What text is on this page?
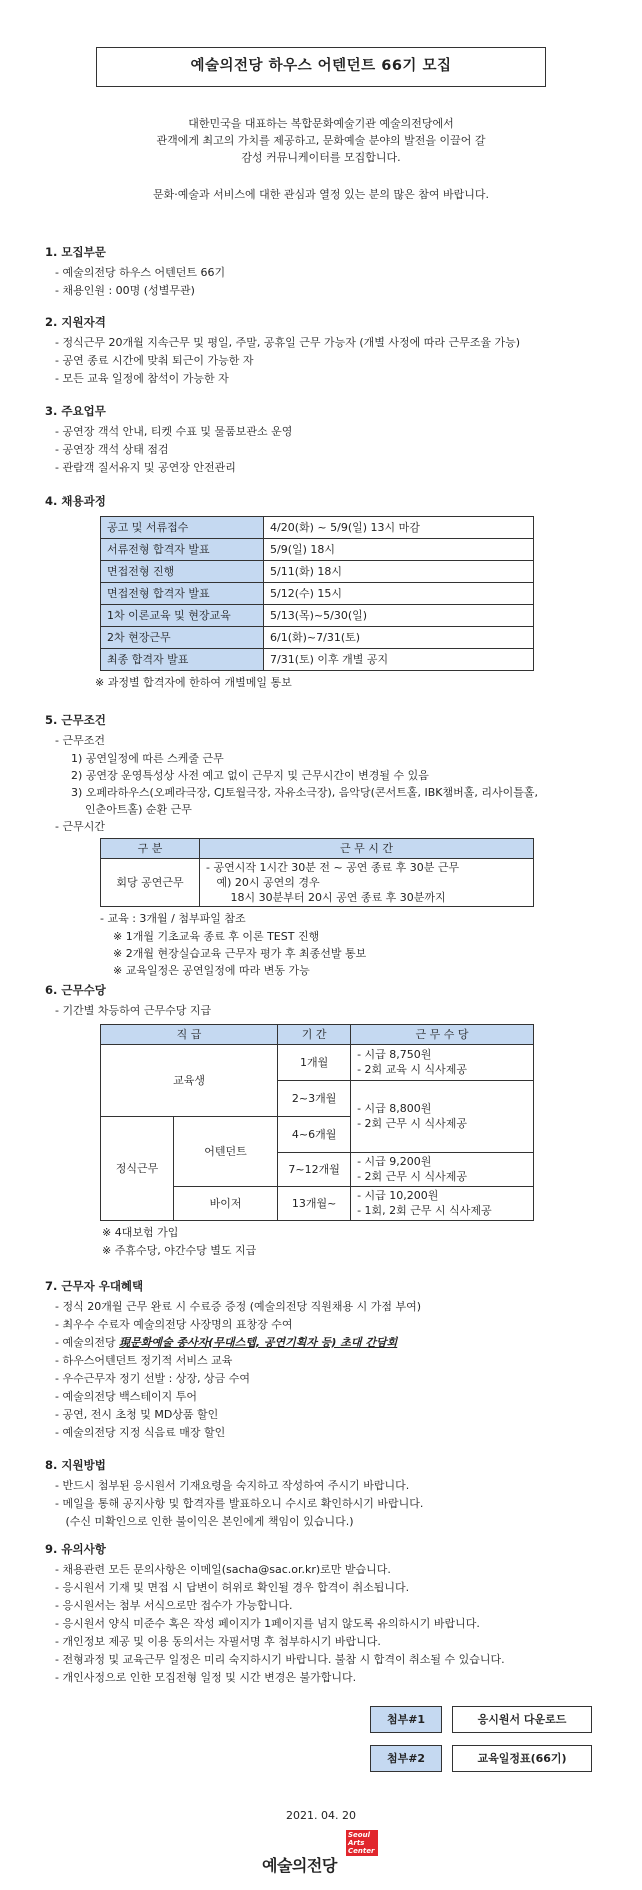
예술의전당 하우스 어텐던트 66기 모집
대한민국을 대표하는 복합문화예술기관 예술의전당에서
관객에게 최고의 가치를 제공하고, 문화예술 분야의 발전을 이끌어 갈
감성 커뮤니케이터를 모집합니다.
문화·예술과 서비스에 대한 관심과 열정 있는 분의 많은 참여 바랍니다.
1. 모집부문
- 예술의전당 하우스 어텐던트 66기
- 채용인원 : 00명 (성별무관)
2. 지원자격
- 정식근무 20개월 지속근무 및 평일, 주말, 공휴일 근무 가능자 (개별 사정에 따라 근무조율 가능)
- 공연 종료 시간에 맞춰 퇴근이 가능한 자
- 모든 교육 일정에 참석이 가능한 자
3. 주요업무
- 공연장 객석 안내, 티켓 수표 및 물품보관소 운영
- 공연장 객석 상태 점검
- 관람객 질서유지 및 공연장 안전관리
4. 채용과정
공고 및 서류접수	4/20(화) ~ 5/9(일) 13시 마감
서류전형 합격자 발표	5/9(일) 18시
면접전형 진행	5/11(화) 18시
면접전형 합격자 발표	5/12(수) 15시
1차 이론교육 및 현장교육	5/13(목)~5/30(일)
2차 현장근무	6/1(화)~7/31(토)
최종 합격자 발표	7/31(토) 이후 개별 공지
※ 과정별 합격자에 한하여 개별메일 통보
5. 근무조건
- 근무조건
1) 공연일정에 따른 스케줄 근무
2) 공연장 운영특성상 사전 예고 없이 근무지 및 근무시간이 변경될 수 있음
3) 오페라하우스(오페라극장, CJ토월극장, 자유소극장), 음악당(콘서트홀, IBK챔버홀, 리사이틀홀,
인춘아트홀) 순환 근무
- 근무시간
구 분	근 무 시 간
회당 공연근무	- 공연시작 1시간 30분 전 ~ 공연 종료 후 30분 근무
예) 20시 공연의 경우
18시 30분부터 20시 공연 종료 후 30분까지
- 교육 : 3개월 / 첨부파일 참조
※ 1개월 기초교육 종료 후 이론 TEST 진행
※ 2개월 현장실습교육 근무자 평가 후 최종선발 통보
※ 교육일정은 공연일정에 따라 변동 가능
6. 근무수당
- 기간별 차등하여 근무수당 지급
직 급		기 간	근 무 수 당
교육생		1개월	- 시급 8,750원
- 2회 교육 시 식사제공

		2~3개월	- 시급 8,800원
- 2회 근무 시 식사제공

정식근무	어텐던트	4~6개월	
		7~12개월	- 시급 9,200원
- 2회 근무 시 식사제공

	바이저	13개월~	- 시급 10,200원
- 1회, 2회 근무 시 식사제공
※ 4대보험 가입
※ 주휴수당, 야간수당 별도 지급
7. 근무자 우대혜택
- 정식 20개월 근무 완료 시 수료증 증정 (예술의전당 직원채용 시 가점 부여)
- 최우수 수료자 예술의전당 사장명의 표창장 수여
- 예술의전당 現문화예술 종사자(무대스텝, 공연기획자 등) 초대 간담회
- 하우스어텐던트 정기적 서비스 교육
- 우수근무자 정기 선발 : 상장, 상금 수여
- 예술의전당 백스테이지 투어
- 공연, 전시 초청 및 MD상품 할인
- 예술의전당 지정 식음료 매장 할인
8. 지원방법
- 반드시 첨부된 응시원서 기재요령을 숙지하고 작성하여 주시기 바랍니다.
- 메일을 통해 공지사항 및 합격자를 발표하오니 수시로 확인하시기 바랍니다.
(수신 미확인으로 인한 불이익은 본인에게 책임이 있습니다.)
9. 유의사항
- 채용관련 모든 문의사항은 이메일(sacha@sac.or.kr)로만 받습니다.
- 응시원서 기재 및 면접 시 답변이 허위로 확인될 경우 합격이 취소됩니다.
- 응시원서는 첨부 서식으로만 접수가 가능합니다.
- 응시원서 양식 미준수 혹은 작성 페이지가 1페이지를 넘지 않도록 유의하시기 바랍니다.
- 개인정보 제공 및 이용 동의서는 자필서명 후 첨부하시기 바랍니다.
- 전형과정 및 교육근무 일정은 미리 숙지하시기 바랍니다. 불참 시 합격이 취소될 수 있습니다.
- 개인사정으로 인한 모집전형 일정 및 시간 변경은 불가합니다.
첨부#1	응시원서 다운로드
첨부#2	교육일정표(66기)
2021. 04. 20
Seoul
Arts
Center
예술의전당
